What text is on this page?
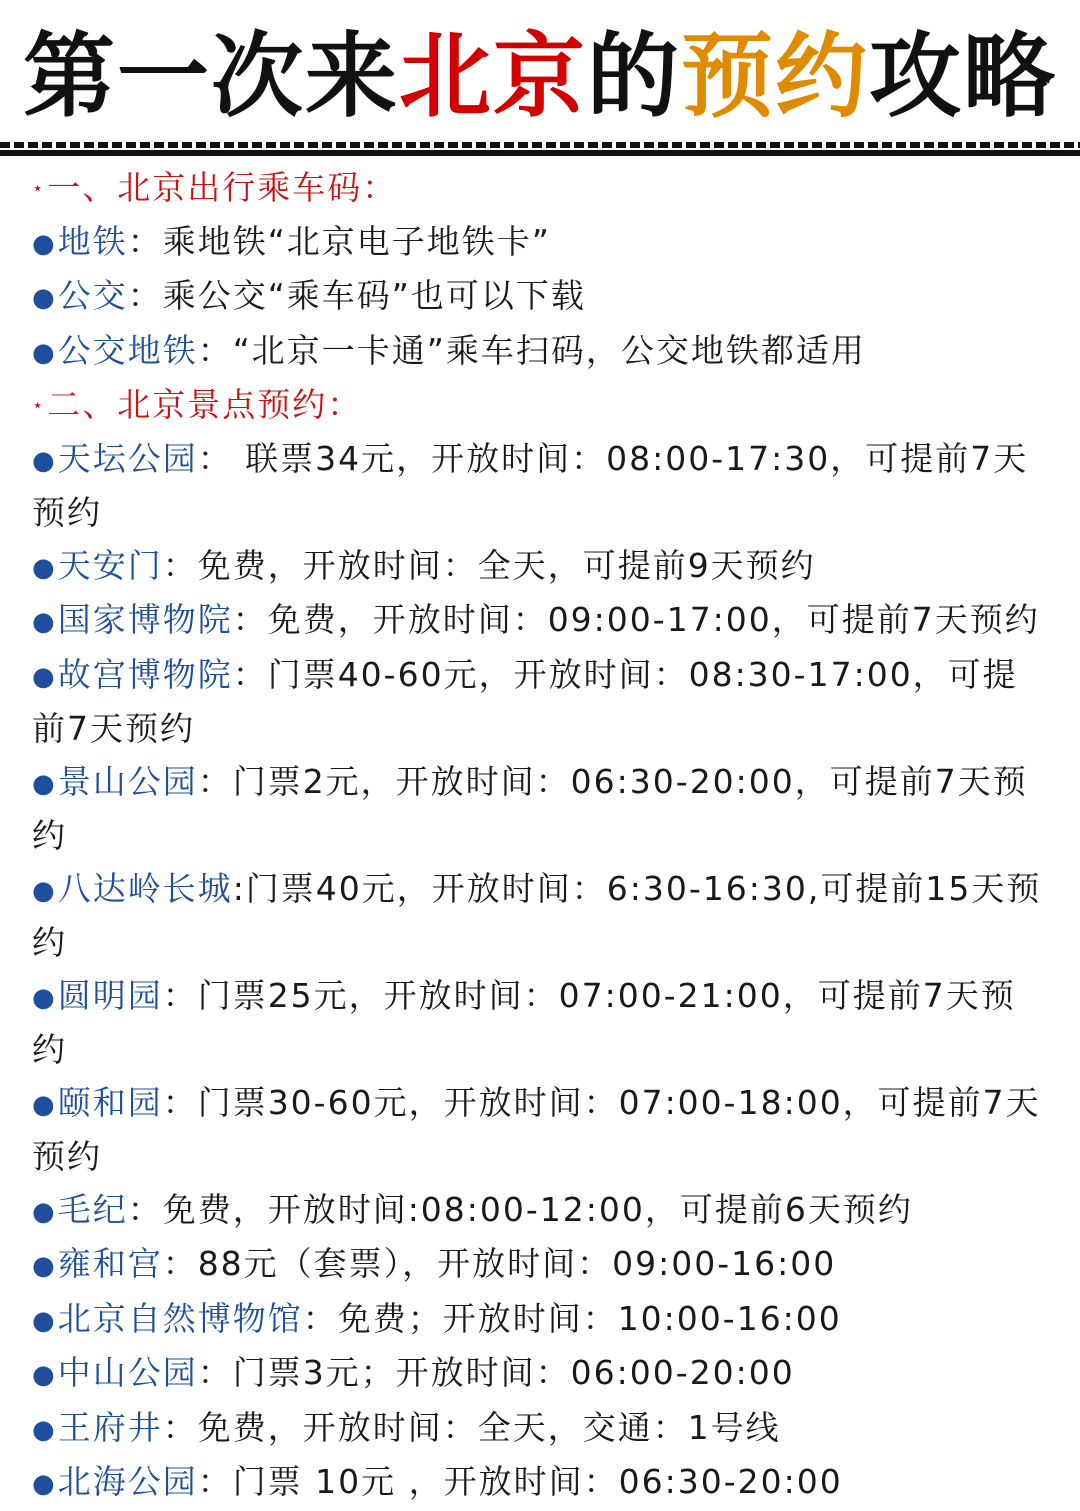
第一次来北京的预约攻略
⋆一、北京出行乘车码：
●地铁：乘地铁“北京电子地铁卡”
●公交：乘公交“乘车码”也可以下载
●公交地铁：“北京一卡通”乘车扫码，公交地铁都适用
⋆二、北京景点预约：
●天坛公园： 联票34元，开放时间：08:00-17:30，可提前7天预约
●天安门：免费，开放时间：全天，可提前9天预约
●国家博物院：免费，开放时间：09:00-17:00，可提前7天预约
●故宫博物院：门票40-60元，开放时间：08:30-17:00，可提前7天预约
●景山公园：门票2元，开放时间：06:30-20:00，可提前7天预约
●八达岭长城:门票40元，开放时间：6:30-16:30,可提前15天预约
●圆明园：门票25元，开放时间：07:00-21:00，可提前7天预约
●颐和园：门票30-60元，开放时间：07:00-18:00，可提前7天预约
●毛纪：免费，开放时间:08:00-12:00，可提前6天预约
●雍和宫：88元（套票），开放时间：09:00-16:00
●北京自然博物馆：免费；开放时间：10:00-16:00
●中山公园：门票3元；开放时间：06:00-20:00
●王府井：免费，开放时间：全天，交通：1号线
●北海公园：门票 10元 ，开放时间：06:30-20:00
